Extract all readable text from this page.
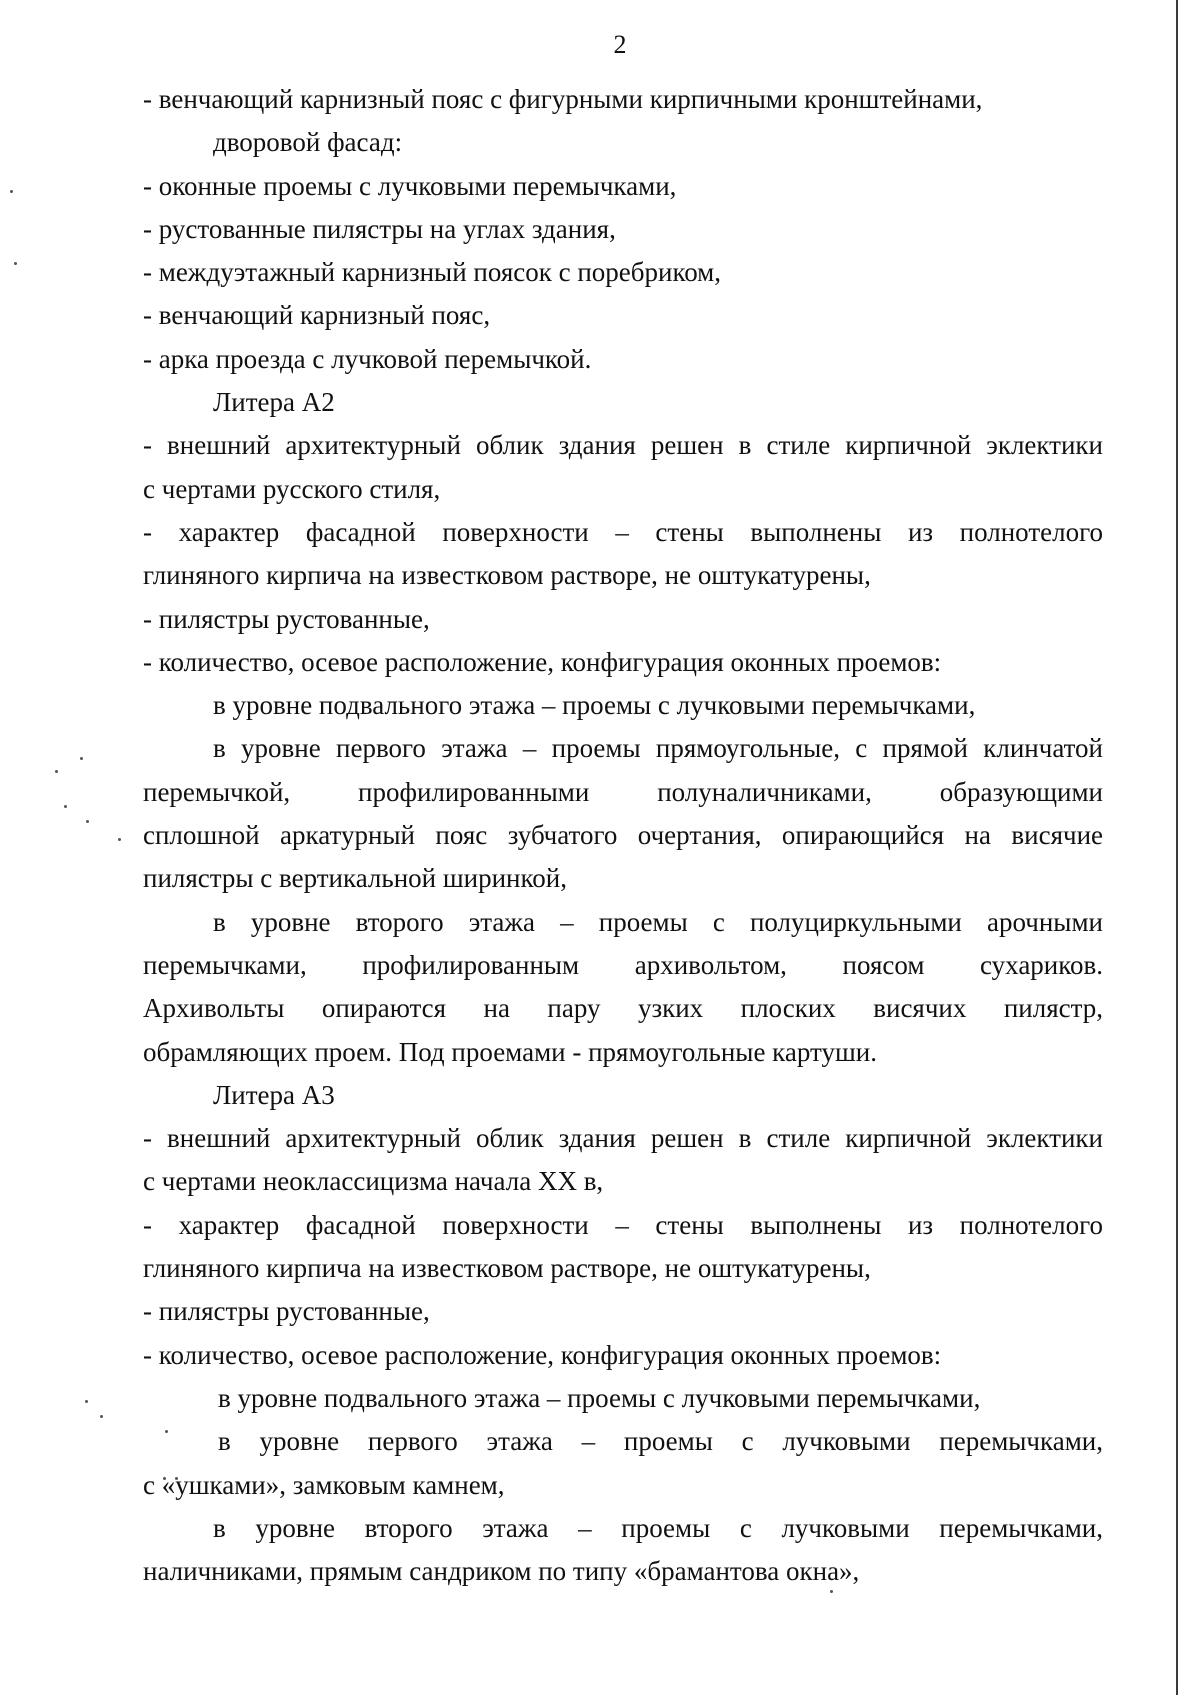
2
- венчающий карнизный пояс с фигурными кирпичными кронштейнами,
дворовой фасад:
- оконные проемы с лучковыми перемычками,
- рустованные пилястры на углах здания,
- междуэтажный карнизный поясок с поребриком,
- венчающий карнизный пояс,
- арка проезда с лучковой перемычкой.
Литера А2
- внешний архитектурный облик здания решен в стиле кирпичной эклектики
с чертами русского стиля,
- характер фасадной поверхности – стены выполнены из полнотелого
глиняного кирпича на известковом растворе, не оштукатурены,
- пилястры рустованные,
- количество, осевое расположение, конфигурация оконных проемов:
в уровне подвального этажа – проемы с лучковыми перемычками,
в уровне первого этажа – проемы прямоугольные, с прямой клинчатой
перемычкой, профилированными полуналичниками, образующими
сплошной аркатурный пояс зубчатого очертания, опирающийся на висячие
пилястры с вертикальной ширинкой,
в уровне второго этажа – проемы с полуциркульными арочными
перемычками, профилированным архивольтом, поясом сухариков.
Архивольты опираются на пару узких плоских висячих пилястр,
обрамляющих проем. Под проемами - прямоугольные картуши.
Литера А3
- внешний архитектурный облик здания решен в стиле кирпичной эклектики
с чертами неоклассицизма начала XX в,
- характер фасадной поверхности – стены выполнены из полнотелого
глиняного кирпича на известковом растворе, не оштукатурены,
- пилястры рустованные,
- количество, осевое расположение, конфигурация оконных проемов:
в уровне подвального этажа – проемы с лучковыми перемычками,
в уровне первого этажа – проемы с лучковыми перемычками,
с «ушками», замковым камнем,
в уровне второго этажа – проемы с лучковыми перемычками,
наличниками, прямым сандриком по типу «брамантова окна»,
